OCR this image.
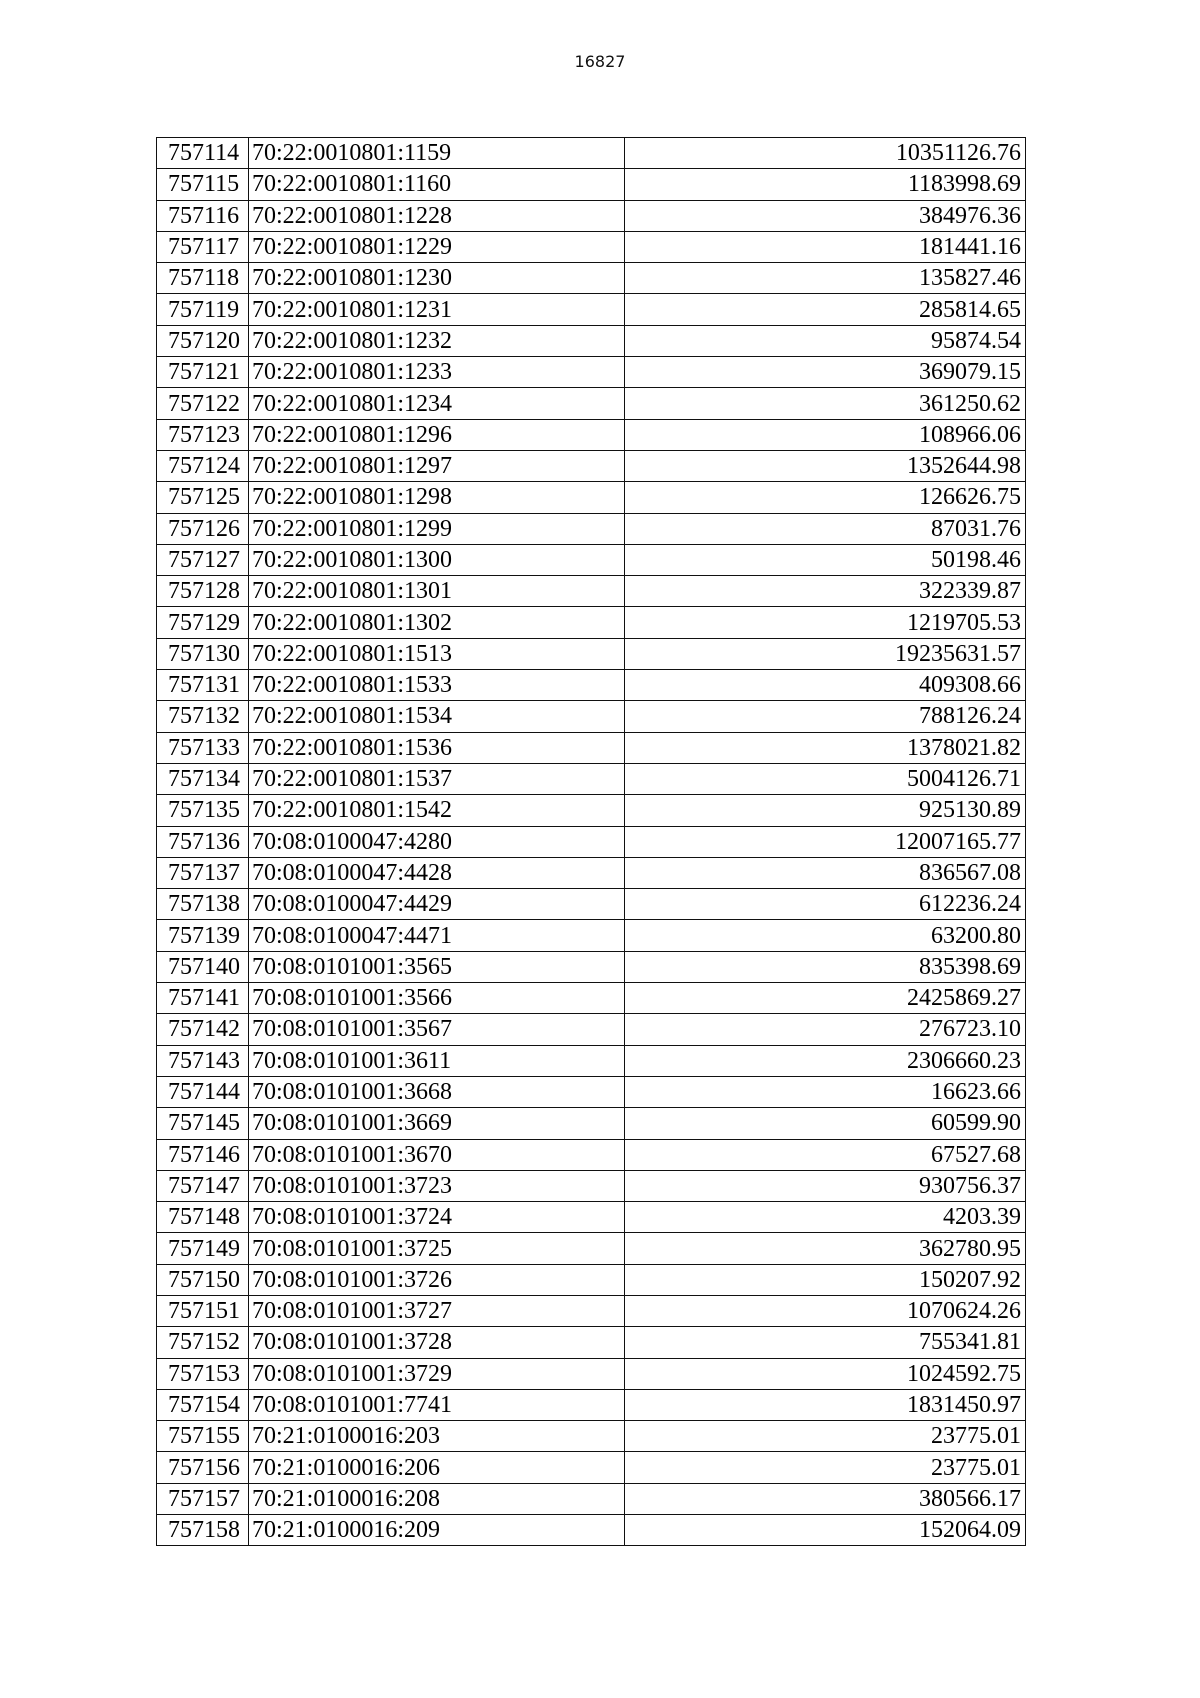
16827
757114	70:22:0010801:1159	10351126.76
757115	70:22:0010801:1160	1183998.69
757116	70:22:0010801:1228	384976.36
757117	70:22:0010801:1229	181441.16
757118	70:22:0010801:1230	135827.46
757119	70:22:0010801:1231	285814.65
757120	70:22:0010801:1232	95874.54
757121	70:22:0010801:1233	369079.15
757122	70:22:0010801:1234	361250.62
757123	70:22:0010801:1296	108966.06
757124	70:22:0010801:1297	1352644.98
757125	70:22:0010801:1298	126626.75
757126	70:22:0010801:1299	87031.76
757127	70:22:0010801:1300	50198.46
757128	70:22:0010801:1301	322339.87
757129	70:22:0010801:1302	1219705.53
757130	70:22:0010801:1513	19235631.57
757131	70:22:0010801:1533	409308.66
757132	70:22:0010801:1534	788126.24
757133	70:22:0010801:1536	1378021.82
757134	70:22:0010801:1537	5004126.71
757135	70:22:0010801:1542	925130.89
757136	70:08:0100047:4280	12007165.77
757137	70:08:0100047:4428	836567.08
757138	70:08:0100047:4429	612236.24
757139	70:08:0100047:4471	63200.80
757140	70:08:0101001:3565	835398.69
757141	70:08:0101001:3566	2425869.27
757142	70:08:0101001:3567	276723.10
757143	70:08:0101001:3611	2306660.23
757144	70:08:0101001:3668	16623.66
757145	70:08:0101001:3669	60599.90
757146	70:08:0101001:3670	67527.68
757147	70:08:0101001:3723	930756.37
757148	70:08:0101001:3724	4203.39
757149	70:08:0101001:3725	362780.95
757150	70:08:0101001:3726	150207.92
757151	70:08:0101001:3727	1070624.26
757152	70:08:0101001:3728	755341.81
757153	70:08:0101001:3729	1024592.75
757154	70:08:0101001:7741	1831450.97
757155	70:21:0100016:203	23775.01
757156	70:21:0100016:206	23775.01
757157	70:21:0100016:208	380566.17
757158	70:21:0100016:209	152064.09
